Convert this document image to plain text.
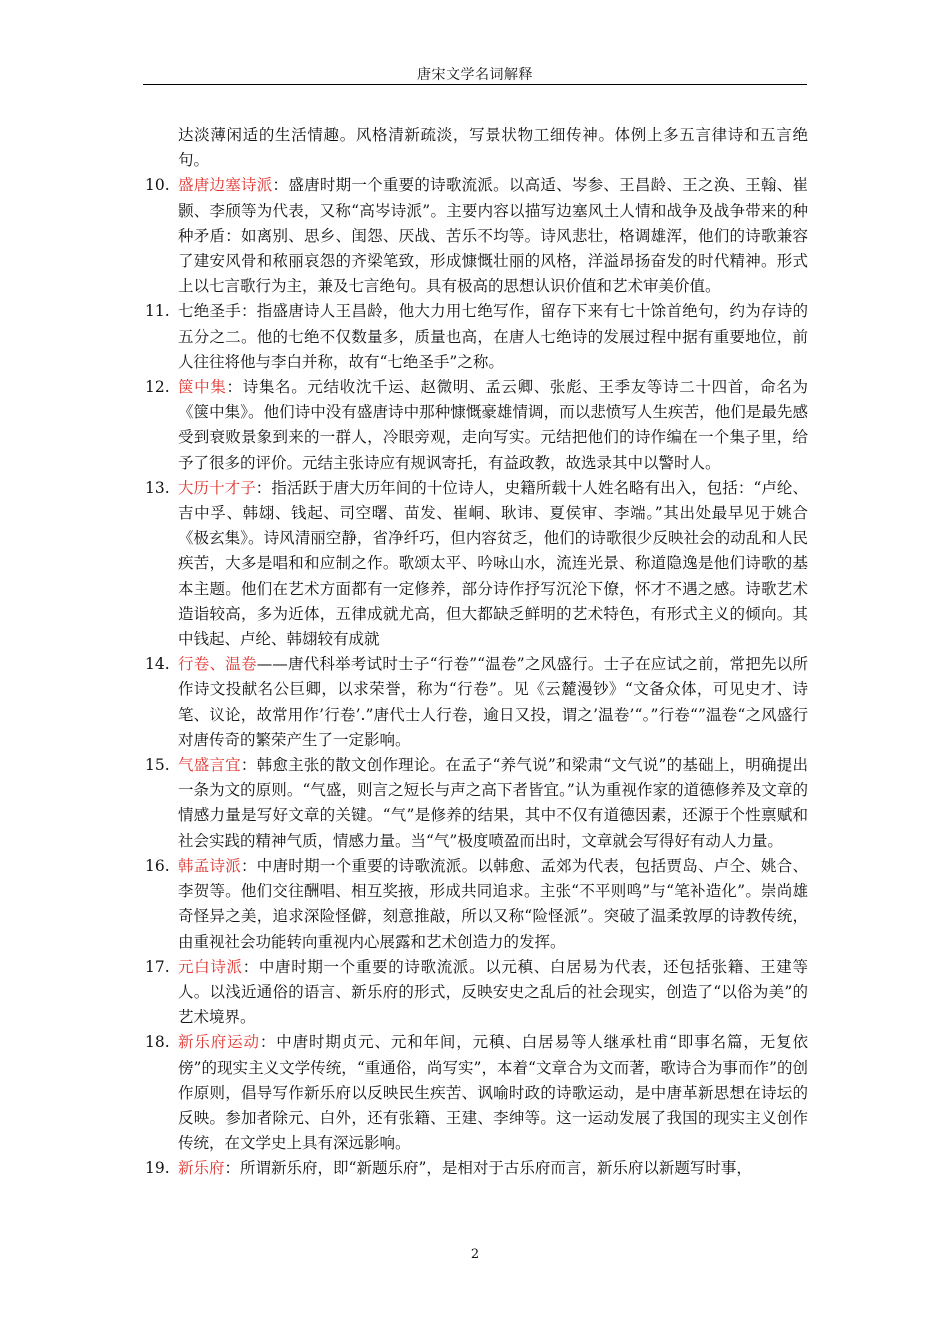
唐宋文学名词解释

达淡薄闲适的生活情趣。风格清新疏淡，写景状物工细传神。体例上多五言律诗和五言绝句。

10. 盛唐边塞诗派：盛唐时期一个重要的诗歌流派。以高适、岑参、王昌龄、王之涣、王翰、崔颢、李颀等为代表，又称“高岑诗派”。主要内容以描写边塞风土人情和战争及战争带来的种种矛盾：如离别、思乡、闺怨、厌战、苦乐不均等。诗风悲壮，格调雄浑，他们的诗歌兼容了建安风骨和秾丽哀怨的齐梁笔致，形成慷慨壮丽的风格，洋溢昂扬奋发的时代精神。形式上以七言歌行为主，兼及七言绝句。具有极高的思想认识价值和艺术审美价值。
11. 七绝圣手：指盛唐诗人王昌龄，他大力用七绝写作，留存下来有七十馀首绝句，约为存诗的五分之二。他的七绝不仅数量多，质量也高，在唐人七绝诗的发展过程中据有重要地位，前人往往将他与李白并称，故有“七绝圣手”之称。
12. 箧中集：诗集名。元结收沈千运、赵微明、孟云卿、张彪、王季友等诗二十四首，命名为《箧中集》。他们诗中没有盛唐诗中那种慷慨豪雄情调，而以悲愤写人生疾苦，他们是最先感受到衰败景象到来的一群人，冷眼旁观，走向写实。元结把他们的诗作编在一个集子里，给予了很多的评价。元结主张诗应有规讽寄托，有益政教，故选录其中以警时人。
13. 大历十才子：指活跃于唐大历年间的十位诗人，史籍所载十人姓名略有出入，包括：“卢纶、吉中孚、韩翃、钱起、司空曙、苗发、崔峒、耿讳、夏侯审、李端。”其出处最早见于姚合《极玄集》。诗风清丽空静，省净纤巧，但内容贫乏，他们的诗歌很少反映社会的动乱和人民疾苦，大多是唱和和应制之作。歌颂太平、吟咏山水，流连光景、称道隐逸是他们诗歌的基本主题。他们在艺术方面都有一定修养，部分诗作抒写沉沦下僚，怀才不遇之感。诗歌艺术造诣较高，多为近体，五律成就尤高，但大都缺乏鲜明的艺术特色，有形式主义的倾向。其中钱起、卢纶、韩翃较有成就
14. 行卷、温卷——唐代科举考试时士子“行卷”“温卷”之风盛行。士子在应试之前，常把先以所作诗文投献名公巨卿，以求荣誉，称为“行卷”。见《云麓漫钞》“文备众体，可见史才、诗笔、议论，故常用作’行卷’.”唐代士人行卷，逾日又投，谓之’温卷’“。”行卷“”温卷“之风盛行对唐传奇的繁荣产生了一定影响。
15. 气盛言宜：韩愈主张的散文创作理论。在孟子“养气说”和梁肃“文气说”的基础上，明确提出一条为文的原则。“气盛，则言之短长与声之高下者皆宜。”认为重视作家的道德修养及文章的情感力量是写好文章的关键。“气”是修养的结果，其中不仅有道德因素，还源于个性禀赋和社会实践的精神气质，情感力量。当“气”极度喷盈而出时，文章就会写得好有动人力量。
16. 韩孟诗派：中唐时期一个重要的诗歌流派。以韩愈、孟郊为代表，包括贾岛、卢仝、姚合、李贺等。他们交往酬唱、相互奖掖，形成共同追求。主张“不平则鸣”与“笔补造化”。崇尚雄奇怪异之美，追求深险怪僻，刻意推敲，所以又称“险怪派”。突破了温柔敦厚的诗教传统，由重视社会功能转向重视内心展露和艺术创造力的发挥。
17. 元白诗派：中唐时期一个重要的诗歌流派。以元稹、白居易为代表，还包括张籍、王建等人。以浅近通俗的语言、新乐府的形式，反映安史之乱后的社会现实，创造了“以俗为美”的艺术境界。
18. 新乐府运动：中唐时期贞元、元和年间，元稹、白居易等人继承杜甫“即事名篇，无复依傍”的现实主义文学传统，“重通俗，尚写实”，本着“文章合为文而著，歌诗合为事而作”的创作原则，倡导写作新乐府以反映民生疾苦、讽喻时政的诗歌运动，是中唐革新思想在诗坛的反映。参加者除元、白外，还有张籍、王建、李绅等。这一运动发展了我国的现实主义创作传统，在文学史上具有深远影响。
19. 新乐府：所谓新乐府，即“新题乐府”，是相对于古乐府而言，新乐府以新题写时事，
2
